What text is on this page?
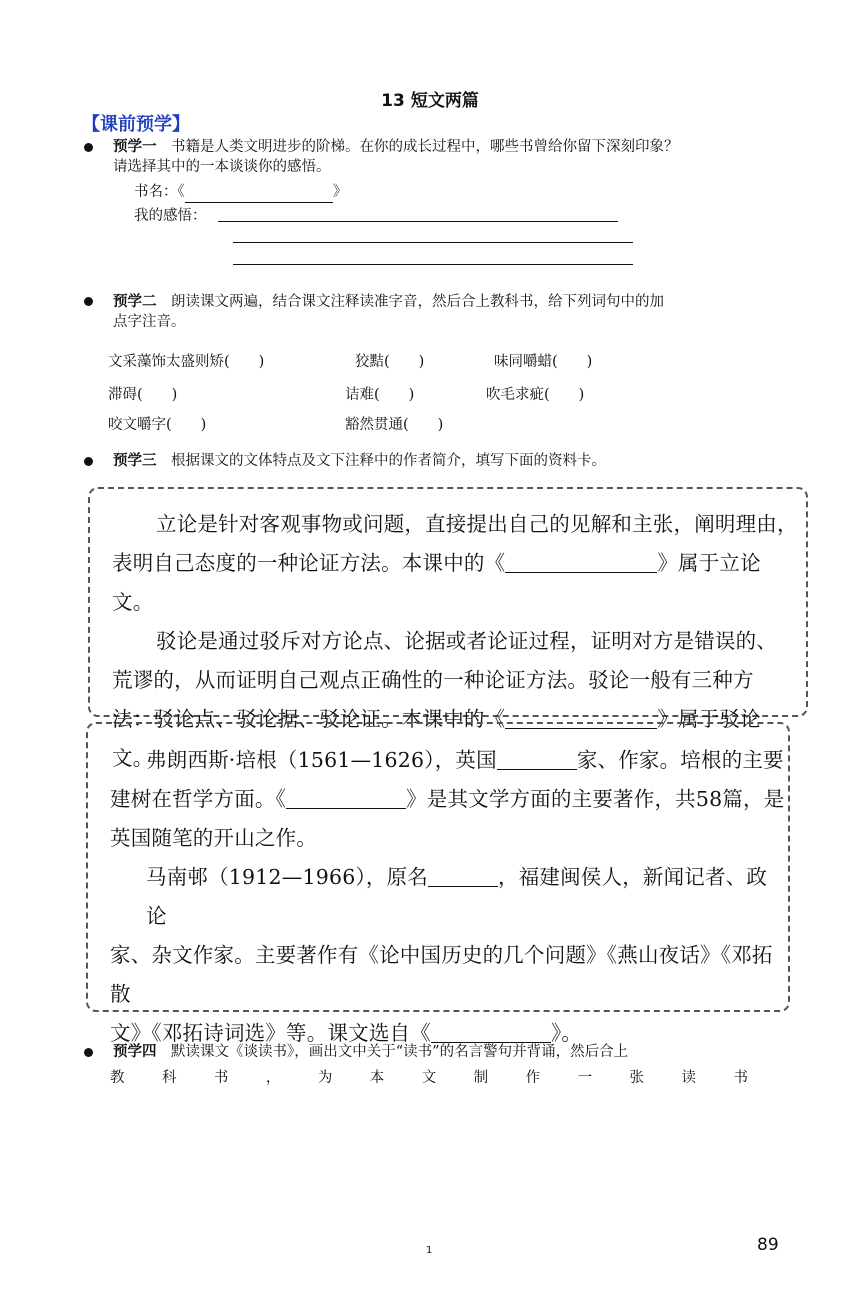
13 短文两篇
【课前预学】
预学一　 书籍是人类文明进步的阶梯。在你的成长过程中，哪些书曾给你留下深刻印象？
请选择其中的一本谈谈你的感悟。
书名：《	》
我的感悟：
预学二　 朗读课文两遍，结合课文注释读准字音，然后合上教科书，给下列词句中的加
点字注音。
文采藻饰太盛则矫(　　)	狡黠(　　)	味同嚼蜡(　　)
滞碍(　　)	诘难(　　)	吹毛求疵(　　)
咬文嚼字(　　)	豁然贯通(　　)
预学三　 根据课文的文体特点及文下注释中的作者简介，填写下面的资料卡。
立论是针对客观事物或问题，直接提出自己的见解和主张，阐明理由，
表明自己态度的一种论证方法。本课中的《	》属于立论文。
驳论是通过驳斥对方论点、论据或者论证过程，证明对方是错误的、
荒谬的，从而证明自己观点正确性的一种论证方法。驳论一般有三种方
法：驳论点、驳论据、驳论证。本课中的《	》属于驳论文。
弗朗西斯·培根（1561—1626），英国	家、作家。培根的主要
建树在哲学方面。《	》是其文学方面的主要著作，共58篇，是
英国随笔的开山之作。
马南邨（1912—1966），原名	，福建闽侯人，新闻记者、政论
家、杂文作家。主要著作有《论中国历史的几个问题》《燕山夜话》《邓拓散
文》《邓拓诗词选》等。课文选自《	》。
预学四　 默读课文《谈读书》，画出文中关于“读书”的名言警句并背诵，然后合上
教	科	书	，	为	本	文	制	作	一	张	读	书
1	89
